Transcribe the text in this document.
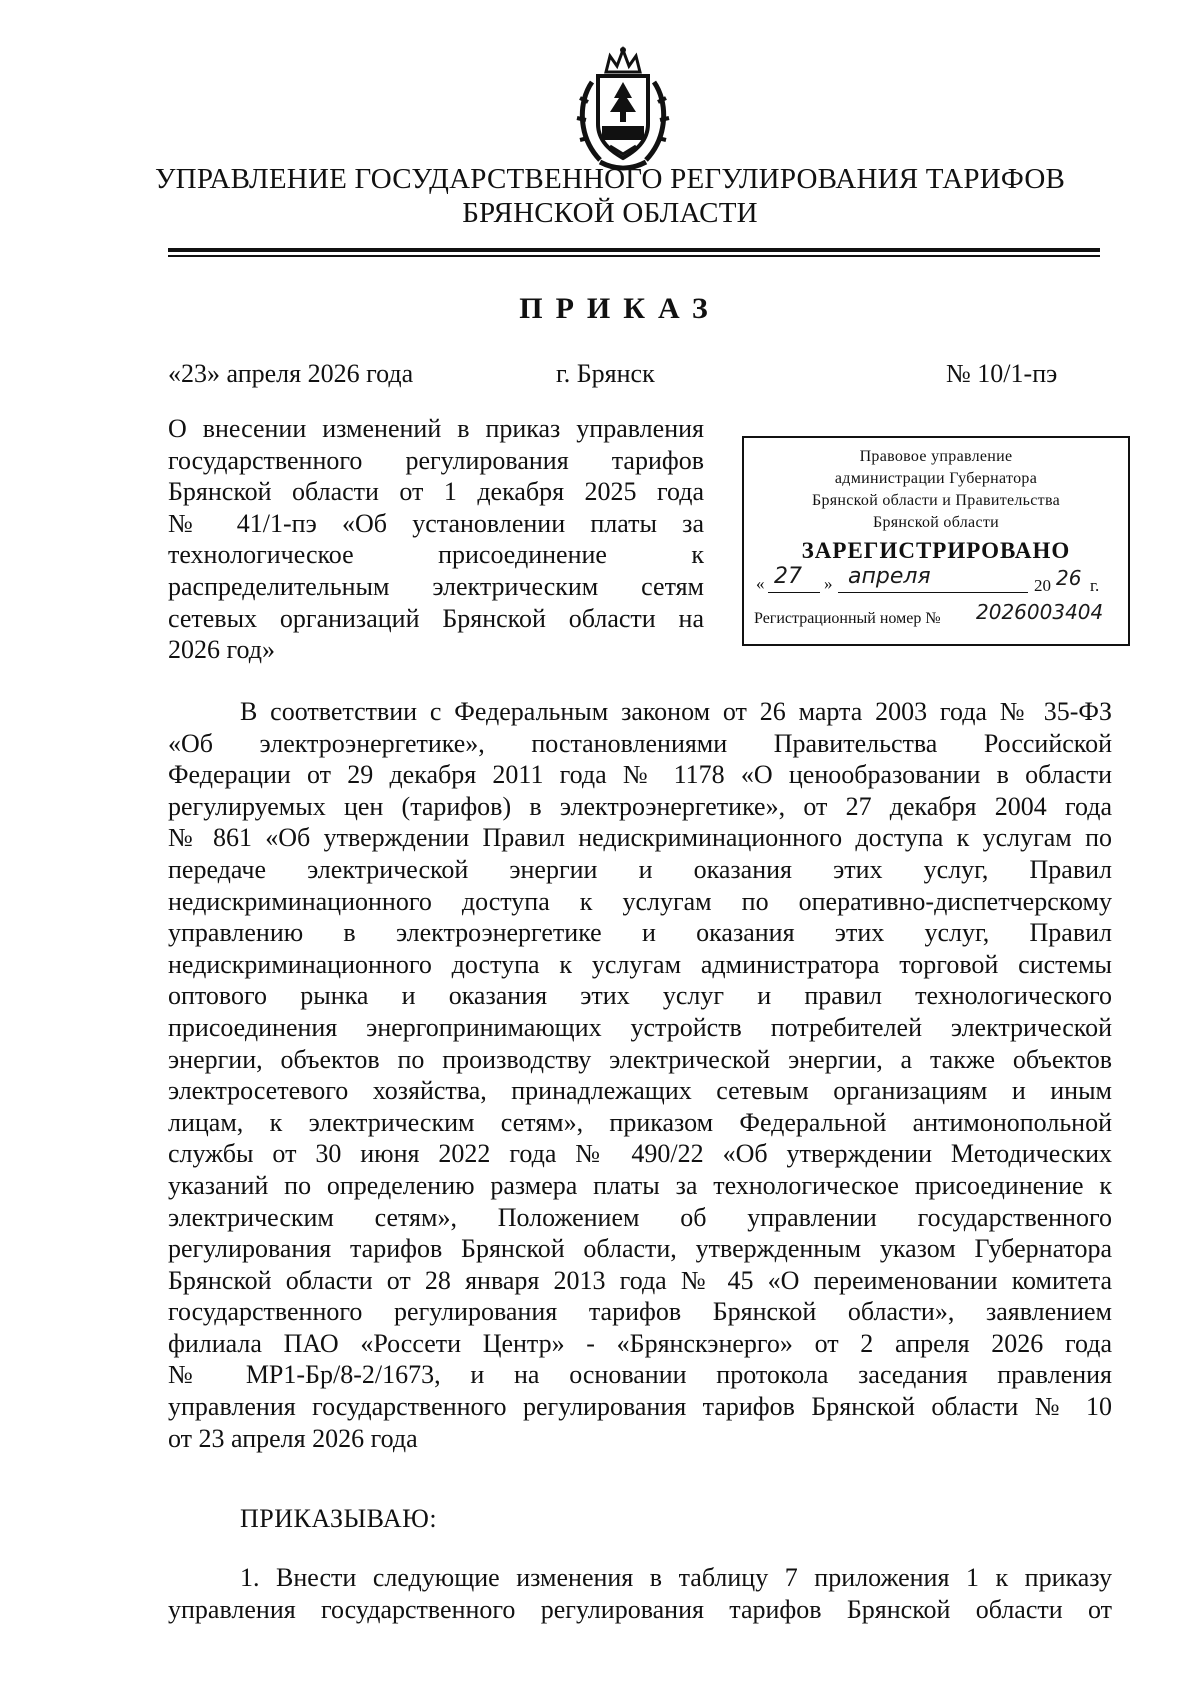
УПРАВЛЕНИЕ ГОСУДАРСТВЕННОГО РЕГУЛИРОВАНИЯ ТАРИФОВ
БРЯНСКОЙ ОБЛАСТИ
ПРИКАЗ
«23» апреля 2026 года	г. Брянск	№ 10/1-пэ
О внесении изменений в приказ управления
государственного регулирования тарифов
Брянской области от 1 декабря 2025 года
№ 41/1-пэ «Об установлении платы за
технологическое присоединение к
распределительным электрическим сетям
сетевых организаций Брянской области на
2026 год»
Правовое управление
администрации Губернатора
Брянской области и Правительства
Брянской области
ЗАРЕГИСТРИРОВАНО
« 27 » апреля	20 26 г.
Регистрационный номер № 2026003404
В соответствии с Федеральным законом от 26 марта 2003 года № 35-ФЗ
«Об электроэнергетике», постановлениями Правительства Российской
Федерации от 29 декабря 2011 года № 1178 «О ценообразовании в области
регулируемых цен (тарифов) в электроэнергетике», от 27 декабря 2004 года
№ 861 «Об утверждении Правил недискриминационного доступа к услугам по
передаче электрической энергии и оказания этих услуг, Правил
недискриминационного доступа к услугам по оперативно-диспетчерскому
управлению в электроэнергетике и оказания этих услуг, Правил
недискриминационного доступа к услугам администратора торговой системы
оптового рынка и оказания этих услуг и правил технологического
присоединения энергопринимающих устройств потребителей электрической
энергии, объектов по производству электрической энергии, а также объектов
электросетевого хозяйства, принадлежащих сетевым организациям и иным
лицам, к электрическим сетям», приказом Федеральной антимонопольной
службы от 30 июня 2022 года № 490/22 «Об утверждении Методических
указаний по определению размера платы за технологическое присоединение к
электрическим сетям», Положением об управлении государственного
регулирования тарифов Брянской области, утвержденным указом Губернатора
Брянской области от 28 января 2013 года № 45 «О переименовании комитета
государственного регулирования тарифов Брянской области», заявлением
филиала ПАО «Россети Центр» - «Брянскэнерго» от 2 апреля 2026 года
№ МР1-Бр/8-2/1673, и на основании протокола заседания правления
управления государственного регулирования тарифов Брянской области № 10
от 23 апреля 2026 года
ПРИКАЗЫВАЮ:
1. Внести следующие изменения в таблицу 7 приложения 1 к приказу
управления государственного регулирования тарифов Брянской области от
